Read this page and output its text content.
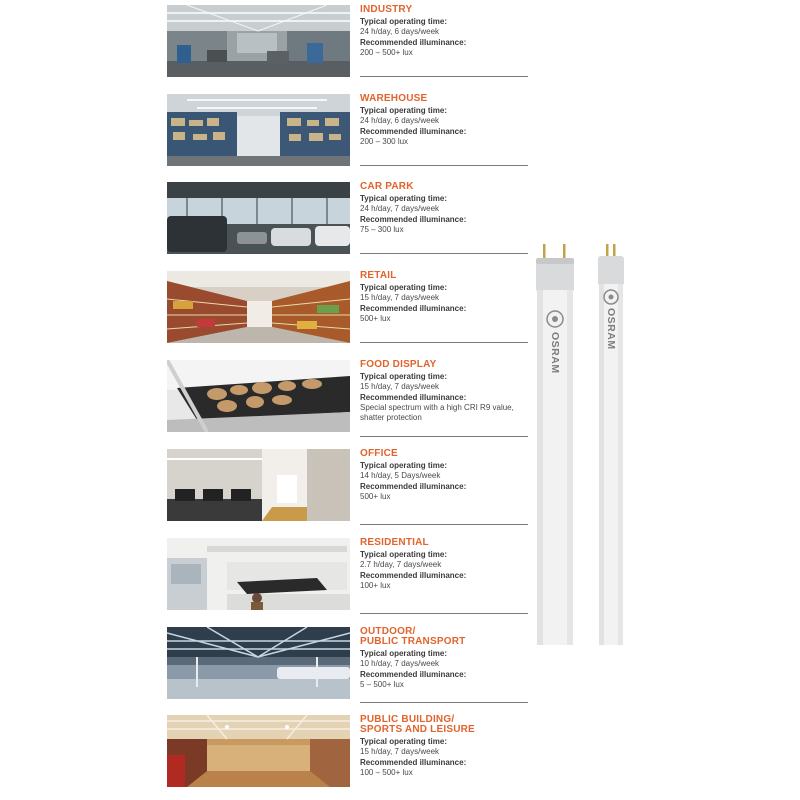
INDUSTRY
Typical operating time:
24 h/day, 6 days/week
Recommended illuminance:
200 – 500+ lux
WAREHOUSE
Typical operating time:
24 h/day, 6 days/week
Recommended illuminance:
200 – 300 lux
CAR PARK
Typical operating time:
24 h/day, 7 days/week
Recommended illuminance:
75 – 300 lux
RETAIL
Typical operating time:
15 h/day, 7 days/week
Recommended illuminance:
500+ lux
FOOD DISPLAY
Typical operating time:
15 h/day, 7 days/week
Recommended illuminance:
Special spectrum with a high CRI R9 value, shatter protection
OFFICE
Typical operating time:
14 h/day, 5 Days/week
Recommended illuminance:
500+ lux
RESIDENTIAL
Typical operating time:
2.7 h/day, 7 days/week
Recommended illuminance:
100+ lux
OUTDOOR/
PUBLIC TRANSPORT
Typical operating time:
10 h/day, 7 days/week
Recommended illuminance:
5 – 500+ lux
PUBLIC BUILDING/
SPORTS AND LEISURE
Typical operating time:
15 h/day, 7 days/week
Recommended illuminance:
100 – 500+ lux
OSRAM
OSRAM
